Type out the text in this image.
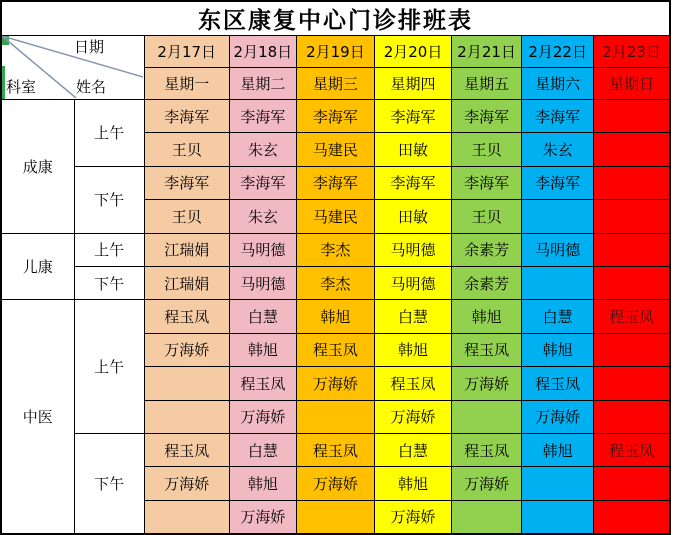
东区康复中心门诊排班表								

日期
科室 姓名		2月17日	2月18日	2月19日	2月20日	2月21日	2月22日	2月23日
		星期一	星期二	星期三	星期四	星期五	星期六	星期日
成康	上午	李海军	李海军	李海军	李海军	李海军	李海军	
		王贝	朱玄	马建民	田敏	王贝	朱玄	
	下午	李海军	李海军	李海军	李海军	李海军	李海军	
		王贝	朱玄	马建民	田敏	王贝		
儿康	上午	江瑞娟	马明德	李杰	马明德	余素芳	马明德	
	下午	江瑞娟	马明德	李杰	马明德	余素芳		
中医	上午	程玉凤	白慧	韩旭	白慧	韩旭	白慧	程玉凤
		万海娇	韩旭	程玉凤	韩旭	程玉凤	韩旭	
			程玉凤	万海娇	程玉凤	万海娇	程玉凤	
			万海娇		万海娇		万海娇	
	下午	程玉凤	白慧	程玉凤	白慧	程玉凤	韩旭	程玉凤
		万海娇	韩旭	万海娇	韩旭	万海娇		
			万海娇		万海娇			
